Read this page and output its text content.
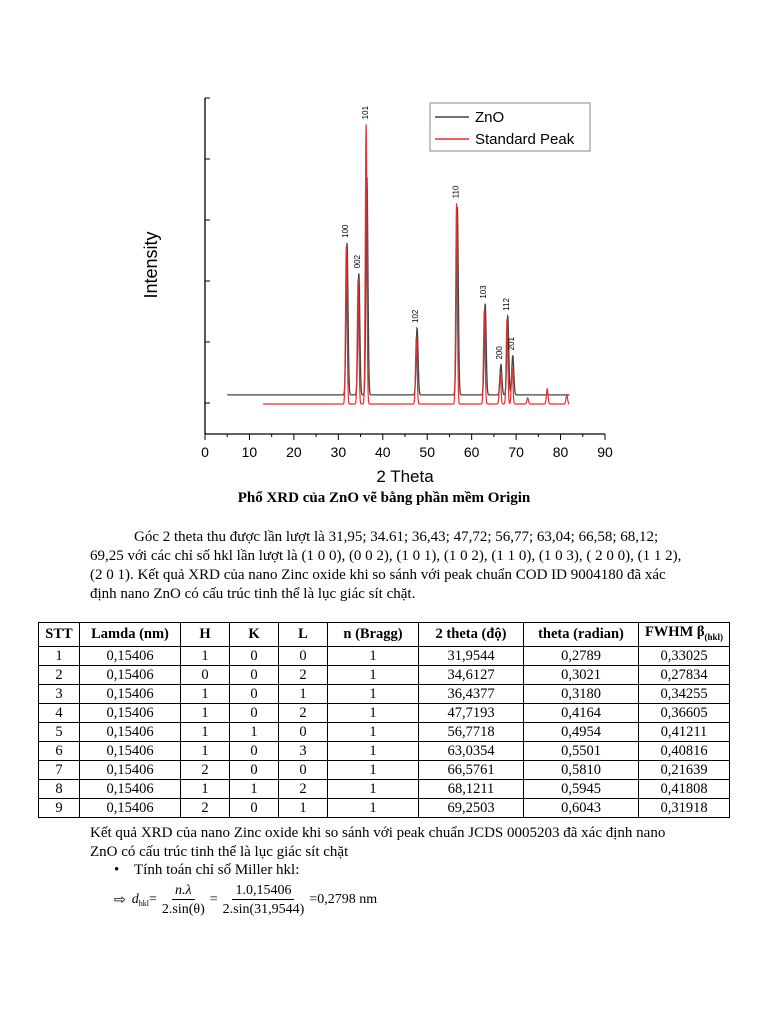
0 10 20 30 40 50 60 70 80 90
2 Theta
Intensity
100
002
101
102
110
103
200
112
201
ZnO
Standard Peak
Phổ XRD của ZnO vẽ bằng phần mềm Origin
Góc 2 theta thu được lần lượt là 31,95; 34.61; 36,43; 47,72; 56,77; 63,04; 66,58; 68,12; 69,25 với các chỉ số hkl lần lượt là (1 0 0), (0 0 2), (1 0 1), (1 0 2), (1 1 0), (1 0 3), ( 2 0 0), (1 1 2), (2 0 1). Kết quả XRD của nano Zinc oxide khi so sánh với peak chuẩn COD ID 9004180 đã xác định nano ZnO có cấu trúc tinh thể là lục giác sít chặt.
STT	Lamda (nm)	H	K	L	n (Bragg)	2 theta (độ)	theta (radian)	FWHM $\beta_{(hkl)}$
1	0,15406	1	0	0	1	31,9544	0,2789	0,33025
2	0,15406	0	0	2	1	34,6127	0,3021	0,27834
3	0,15406	1	0	1	1	36,4377	0,3180	0,34255
4	0,15406	1	0	2	1	47,7193	0,4164	0,36605
5	0,15406	1	1	0	1	56,7718	0,4954	0,41211
6	0,15406	1	0	3	1	63,0354	0,5501	0,40816
7	0,15406	2	0	0	1	66,5761	0,5810	0,21639
8	0,15406	1	1	2	1	68,1211	0,5945	0,41808
9	0,15406	2	0	1	1	69,2503	0,6043	0,31918
Kết quả XRD của nano Zinc oxide khi so sánh với peak chuẩn JCDS 0005203 đã xác định nano ZnO có cấu trúc tinh thể là lục giác sít chặt
• Tính toán chỉ số Miller hkl:
⇨ $d_{hkl} = \frac{n.\lambda}{2.\sin(\theta)} = \frac{1.0,15406}{2.\sin(31,9544)} =0,2798$ nm
